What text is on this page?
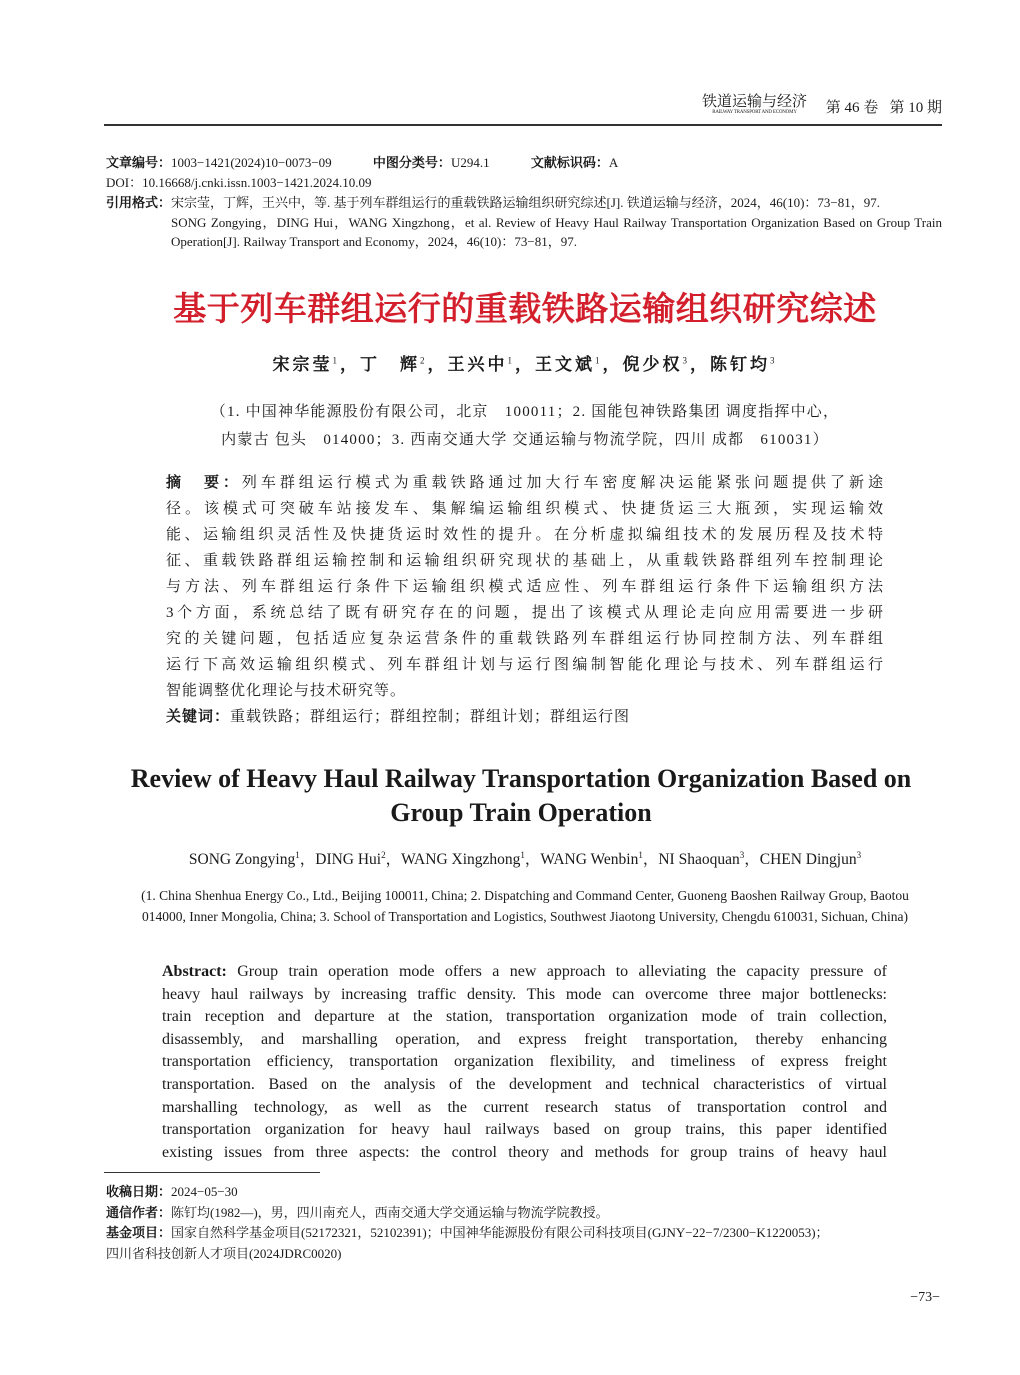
铁道运输与经济
RAILWAY TRANSPORT AND ECONOMY	第 46 卷 第 10 期
文章编号：1003−1421(2024)10−0073−09	中图分类号：U294.1	文献标识码：A
DOI：10.16668/j.cnki.issn.1003−1421.2024.10.09
引用格式：宋宗莹，丁辉，王兴中，等. 基于列车群组运行的重载铁路运输组织研究综述[J]. 铁道运输与经济，2024，46(10)：73−81，97.
SONG Zongying，DING Hui，WANG Xingzhong，et al. Review of Heavy Haul Railway Transportation Organization Based on Group Train Operation[J]. Railway Transport and Economy，2024，46(10)：73−81，97.
基于列车群组运行的重载铁路运输组织研究综述
宋宗莹$^1$，丁　辉$^2$，王兴中$^1$，王文斌$^1$，倪少权$^3$，陈钉均$^3$
（1. 中国神华能源股份有限公司，北京　100011；2. 国能包神铁路集团 调度指挥中心，
内蒙古 包头　014000；3. 西南交通大学 交通运输与物流学院，四川 成都　610031）
摘　要：列车群组运行模式为重载铁路通过加大行车密度解决运能紧张问题提供了新途
径。该模式可突破车站接发车、集解编运输组织模式、快捷货运三大瓶颈，实现运输效
能、运输组织灵活性及快捷货运时效性的提升。在分析虚拟编组技术的发展历程及技术特
征、重载铁路群组运输控制和运输组织研究现状的基础上，从重载铁路群组列车控制理论
与方法、列车群组运行条件下运输组织模式适应性、列车群组运行条件下运输组织方法
3个方面，系统总结了既有研究存在的问题，提出了该模式从理论走向应用需要进一步研
究的关键问题，包括适应复杂运营条件的重载铁路列车群组运行协同控制方法、列车群组
运行下高效运输组织模式、列车群组计划与运行图编制智能化理论与技术、列车群组运行
智能调整优化理论与技术研究等。
关键词：重载铁路；群组运行；群组控制；群组计划；群组运行图
Review of Heavy Haul Railway Transportation Organization Based on
Group Train Operation
SONG Zongying$^1$，DING Hui$^2$，WANG Xingzhong$^1$，WANG Wenbin$^1$，NI Shaoquan$^3$，CHEN Dingjun$^3$
(1. China Shenhua Energy Co., Ltd., Beijing 100011, China; 2. Dispatching and Command Center, Guoneng Baoshen Railway Group, Baotou 014000, Inner Mongolia, China; 3. School of Transportation and Logistics, Southwest Jiaotong University, Chengdu 610031, Sichuan, China)
Abstract: Group train operation mode offers a new approach to alleviating the capacity pressure of
heavy haul railways by increasing traffic density. This mode can overcome three major bottlenecks:
train reception and departure at the station, transportation organization mode of train collection,
disassembly, and marshalling operation, and express freight transportation, thereby enhancing
transportation efficiency, transportation organization flexibility, and timeliness of express freight
transportation. Based on the analysis of the development and technical characteristics of virtual
marshalling technology, as well as the current research status of transportation control and
transportation organization for heavy haul railways based on group trains, this paper identified
existing issues from three aspects: the control theory and methods for group trains of heavy haul
收稿日期：2024−05−30
通信作者：陈钉均(1982—)，男，四川南充人，西南交通大学交通运输与物流学院教授。
基金项目：国家自然科学基金项目(52172321，52102391)；中国神华能源股份有限公司科技项目(GJNY−22−7/2300−K1220053)；
四川省科技创新人才项目(2024JDRC0020)
−73−
